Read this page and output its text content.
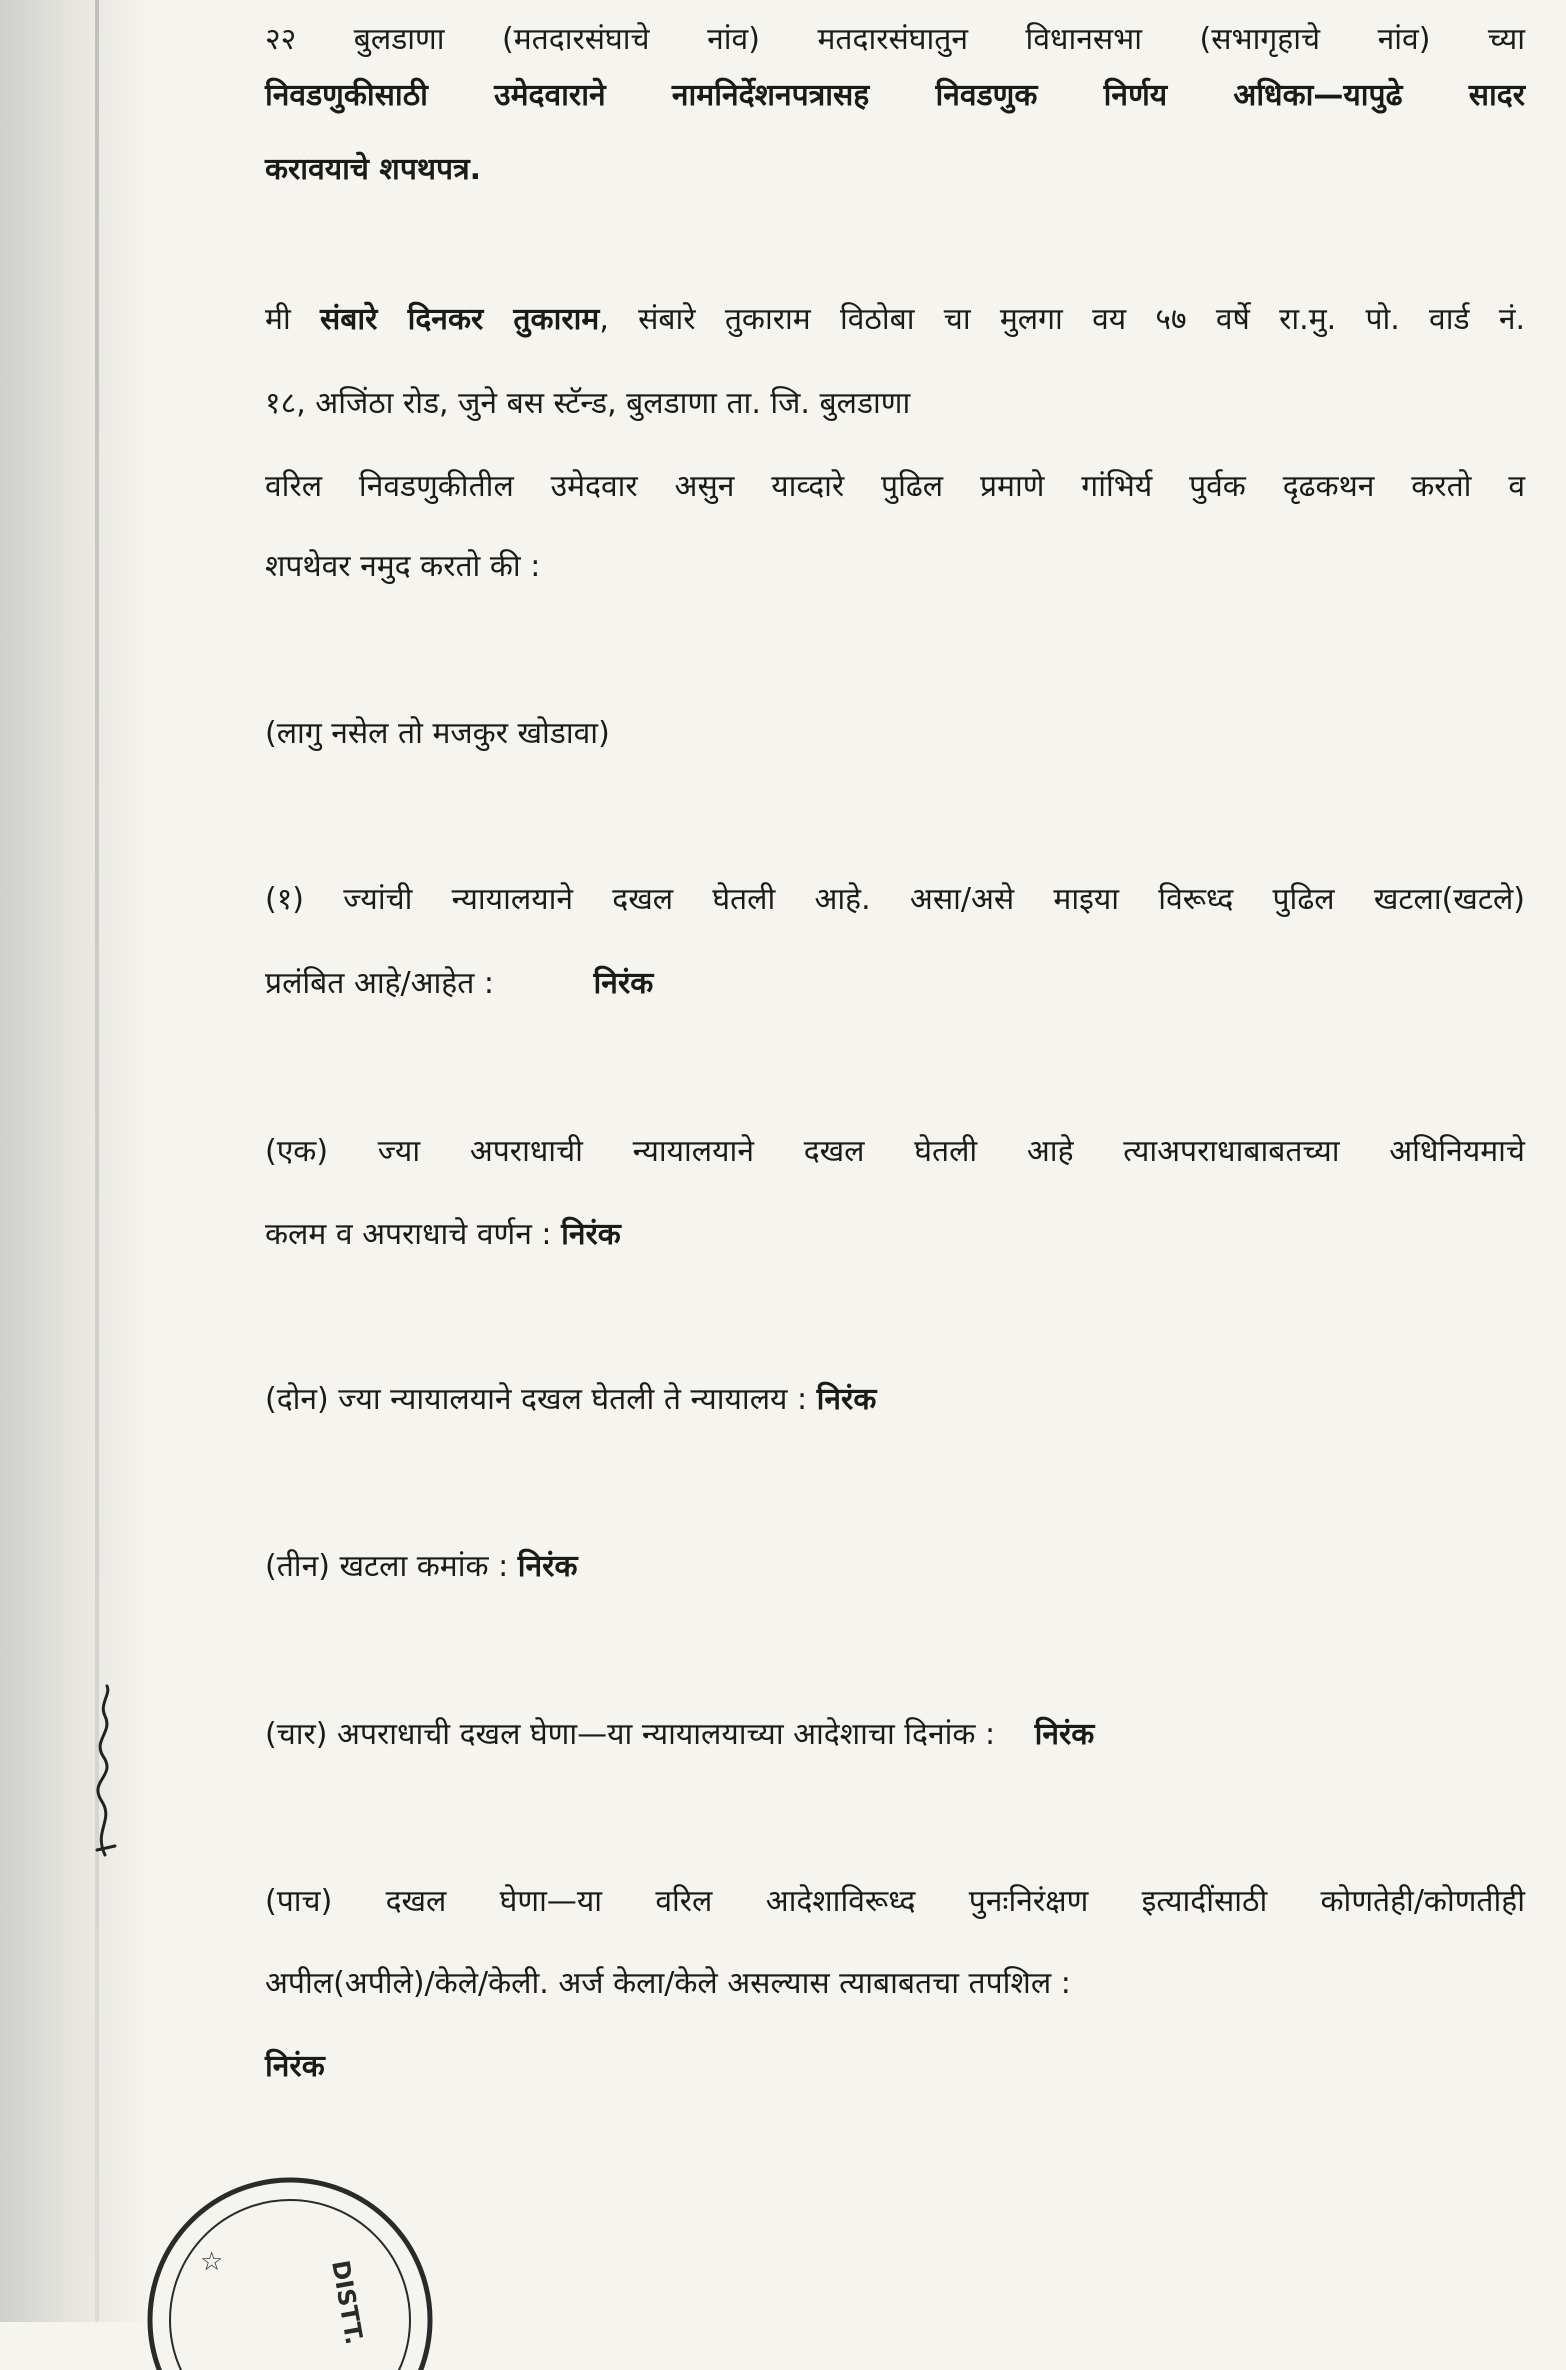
२२ बुलडाणा (मतदारसंघाचे नांव) मतदारसंघातुन विधानसभा (सभागृहाचे नांव) च्या
निवडणुकीसाठी उमेदवाराने नामनिर्देशनपत्रासह निवडणुक निर्णय अधिका—यापुढे सादर
करावयाचे शपथपत्र.
मी संबारे दिनकर तुकाराम, संबारे तुकाराम विठोबा चा मुलगा वय ५७ वर्षे रा.मु. पो. वार्ड नं.
१८, अजिंठा रोड, जुने बस स्टॅन्ड, बुलडाणा ता. जि. बुलडाणा
वरिल निवडणुकीतील उमेदवार असुन याव्दारे पुढिल प्रमाणे गांभिर्य पुर्वक दृढकथन करतो व
शपथेवर नमुद करतो की :
(लागु नसेल तो मजकुर खोडावा)
(१) ज्यांची न्यायालयाने दखल घेतली आहे. असा/असे माइया विरूध्द पुढिल खटला(खटले)
प्रलंबित आहे/आहेत :	निरंक
(एक) ज्या अपराधाची न्यायालयाने दखल घेतली आहे त्याअपराधाबाबतच्या अधिनियमाचे
कलम व अपराधाचे वर्णन : निरंक
(दोन) ज्या न्यायालयाने दखल घेतली ते न्यायालय : निरंक
(तीन) खटला कमांक : निरंक
(चार) अपराधाची दखल घेणा—या न्यायालयाच्या आदेशाचा दिनांक : निरंक
(पाच) दखल घेणा—या वरिल आदेशाविरूध्द पुनःनिरंक्षण इत्यादींसाठी कोणतेही/कोणतीही
अपील(अपीले)/केले/केली. अर्ज केला/केले असल्यास त्याबाबतचा तपशिल :
निरंक
DISTT.
☆
